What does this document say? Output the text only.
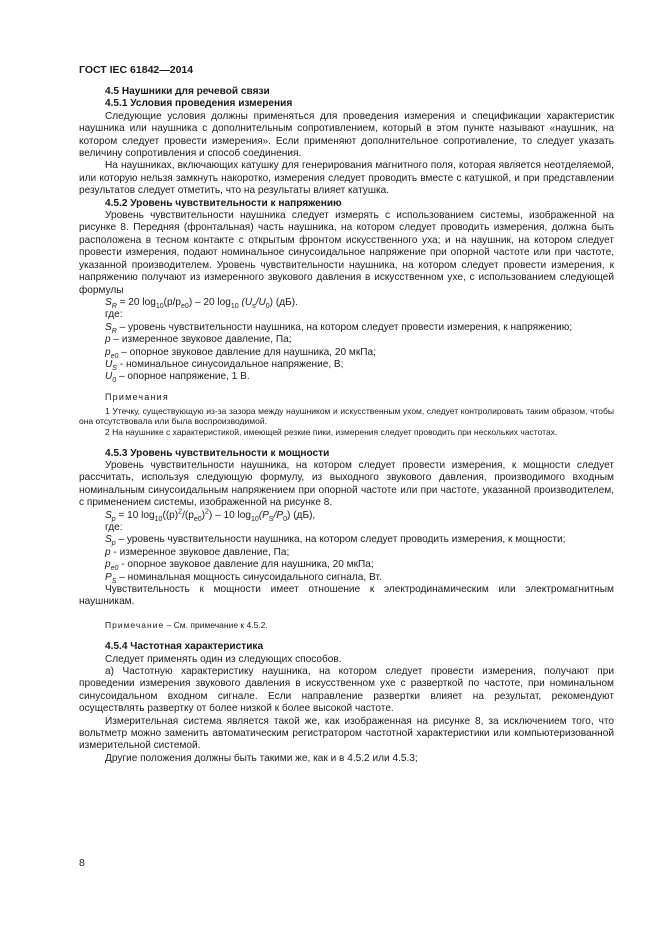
ГОСТ IEC 61842—2014

4.5 Наушники для речевой связи

4.5.1 Условия проведения измерения

Следующие условия должны применяться для проведения измерения и спецификации характеристик наушника или наушника с дополнительным сопротивлением, который в этом пункте называют «наушник, на котором следует провести измерения». Если применяют дополнительное сопротивление, то следует указать величину сопротивления и способ соединения.

На наушниках, включающих катушку для генерирования магнитного поля, которая является неотделяемой, или которую нельзя замкнуть накоротко, измерения следует проводить вместе с катушкой, и при представлении результатов следует отметить, что на результаты влияет катушка.

4.5.2 Уровень чувствительности к напряжению

Уровень чувствительности наушника следует измерять с использованием системы, изображенной на рисунке 8. Передняя (фронтальная) часть наушника, на котором следует проводить измерения, должна быть расположена в тесном контакте с открытым фронтом искусственного уха; и на наушник, на котором следует провести измерения, подают номинальное синусоидальное напряжение при опорной частоте или при частоте, указанной производителем. Уровень чувствительности наушника, на котором следует провести измерения, к напряжению получают из измеренного звукового давления в искусственном ухе, с использованием следующей формулы

$S_R = 20$ $\log_{10}(p/p_{e0}) - 20$ $\log_{10} (U_s/U_0)$ (дБ).

где:

$S_R$ – уровень чувствительности наушника, на котором следует провести измерения, к напряжению;

p – измеренное звуковое давление, Па;

$p_{e0}$ – опорное звуковое давление для наушника, 20 мкПа;

$U_S$ - номинальное синусоидальное напряжение, В;

$U_0$ – опорное напряжение, 1 В.

Примечания

1 Утечку, существующую из-за зазора между наушником и искусственным ухом, следует контролировать таким образом, чтобы она отсутствовала или была воспроизводимой.

2 На наушнике с характеристикой, имеющей резкие пики, измерения следует проводить при нескольких частотах.

4.5.3 Уровень чувствительности к мощности

Уровень чувствительности наушника, на котором следует провести измерения, к мощности следует рассчитать, используя следующую формулу, из выходного звукового давления, производимого входным номинальным синусоидальным напряжением при опорной частоте или при частоте, указанной производителем, с применением системы, изображенной на рисунке 8.

$S_p = 10$ $\log_{10}((p)^2/(p_{e0})^2) - 10$ $\log_{10}(P_S/P_0)$ (дБ),

где:

$S_p$ – уровень чувствительности наушника, на котором следует проводить измерения, к мощности;

p - измеренное звуковое давление, Па;

$p_{e0}$ - опорное звуковое давление для наушника, 20 мкПа;

$P_S$ – номинальная мощность синусоидального сигнала, Вт.

Чувствительность к мощности имеет отношение к электродинамическим или электромагнитным наушникам.

Примечание – См. примечание к 4.5.2.

4.5.4 Частотная характеристика

Следует применять один из следующих способов.

а) Частотную характеристику наушника, на котором следует провести измерения, получают при проведении измерения звукового давления в искусственном ухе с разверткой по частоте, при номинальном синусоидальном входном сигнале. Если направление развертки влияет на результат, рекомендуют осуществлять развертку от более низкой к более высокой частоте.

Измерительная система является такой же, как изображенная на рисунке 8, за исключением того, что вольтметр можно заменить автоматическим регистратором частотной характеристики или компьютеризованной измерительной системой.

Другие положения должны быть такими же, как и в 4.5.2 или 4.5.3;

8
